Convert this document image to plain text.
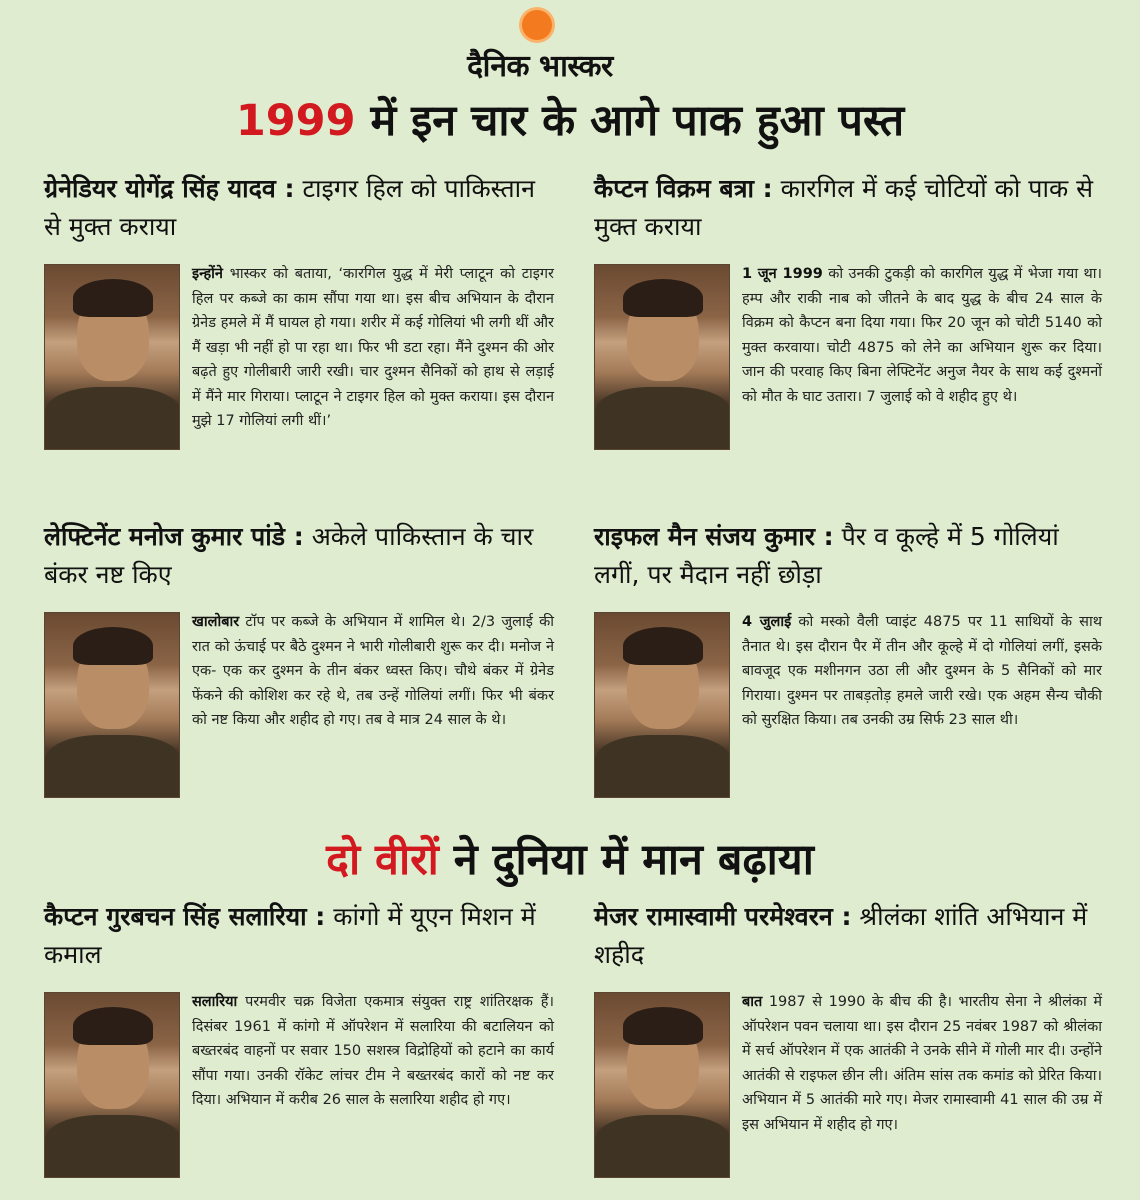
दैनिक भास्कर
1999 में इन चार के आगे पाक हुआ पस्त
ग्रेनेडियर योगेंद्र सिंह यादव : टाइगर हिल को पाकिस्तान से मुक्त कराया
इन्होंने भास्कर को बताया, ‘कारगिल युद्ध में मेरी प्लाटून को टाइगर हिल पर कब्जे का काम सौंपा गया था। इस बीच अभियान के दौरान ग्रेनेड हमले में मैं घायल हो गया। शरीर में कई गोलियां भी लगी थीं और मैं खड़ा भी नहीं हो पा रहा था। फिर भी डटा रहा। मैंने दुश्मन की ओर बढ़ते हुए गोलीबारी जारी रखी। चार दुश्मन सैनिकों को हाथ से लड़ाई में मैंने मार गिराया। प्लाटून ने टाइगर हिल को मुक्त कराया। इस दौरान मुझे 17 गोलियां लगी थीं।’
कैप्टन विक्रम बत्रा : कारगिल में कई चोटियों को पाक से मुक्त कराया
1 जून 1999 को उनकी टुकड़ी को कारगिल युद्ध में भेजा गया था। हम्प और राकी नाब को जीतने के बाद युद्ध के बीच 24 साल के विक्रम को कैप्टन बना दिया गया। फिर 20 जून को चोटी 5140 को मुक्त करवाया। चोटी 4875 को लेने का अभियान शुरू कर दिया। जान की परवाह किए बिना लेफ्टिनेंट अनुज नैयर के साथ कई दुश्मनों को मौत के घाट उतारा। 7 जुलाई को वे शहीद हुए थे।
लेफ्टिनेंट मनोज कुमार पांडे : अकेले पाकिस्तान के चार बंकर नष्ट किए
खालोबार टॉप पर कब्जे के अभियान में शामिल थे। 2/3 जुलाई की रात को ऊंचाई पर बैठे दुश्मन ने भारी गोलीबारी शुरू कर दी। मनोज ने एक- एक कर दुश्मन के तीन बंकर ध्वस्त किए। चौथे बंकर में ग्रेनेड फेंकने की कोशिश कर रहे थे, तब उन्हें गोलियां लगीं। फिर भी बंकर को नष्ट किया और शहीद हो गए। तब वे मात्र 24 साल के थे।
राइफल मैन संजय कुमार : पैर व कूल्हे में 5 गोलियां लगीं, पर मैदान नहीं छोड़ा
4 जुलाई को मस्को वैली प्वाइंट 4875 पर 11 साथियों के साथ तैनात थे। इस दौरान पैर में तीन और कूल्हे में दो गोलियां लगीं, इसके बावजूद एक मशीनगन उठा ली और दुश्मन के 5 सैनिकों को मार गिराया। दुश्मन पर ताबड़तोड़ हमले जारी रखे। एक अहम सैन्य चौकी को सुरक्षित किया। तब उनकी उम्र सिर्फ 23 साल थी।
दो वीरों ने दुनिया में मान बढ़ाया
कैप्टन गुरबचन सिंह सलारिया : कांगो में यूएन मिशन में कमाल
सलारिया परमवीर चक्र विजेता एकमात्र संयुक्त राष्ट्र शांतिरक्षक हैं। दिसंबर 1961 में कांगो में ऑपरेशन में सलारिया की बटालियन को बख्तरबंद वाहनों पर सवार 150 सशस्त्र विद्रोहियों को हटाने का कार्य सौंपा गया। उनकी रॉकेट लांचर टीम ने बख्तरबंद कारों को नष्ट कर दिया। अभियान में करीब 26 साल के सलारिया शहीद हो गए।
मेजर रामास्वामी परमेश्वरन : श्रीलंका शांति अभियान में शहीद
बात 1987 से 1990 के बीच की है। भारतीय सेना ने श्रीलंका में ऑपरेशन पवन चलाया था। इस दौरान 25 नवंबर 1987 को श्रीलंका में सर्च ऑपरेशन में एक आतंकी ने उनके सीने में गोली मार दी। उन्होंने आतंकी से राइफल छीन ली। अंतिम सांस तक कमांड को प्रेरित किया। अभियान में 5 आतंकी मारे गए। मेजर रामास्वामी 41 साल की उम्र में इस अभियान में शहीद हो गए।
